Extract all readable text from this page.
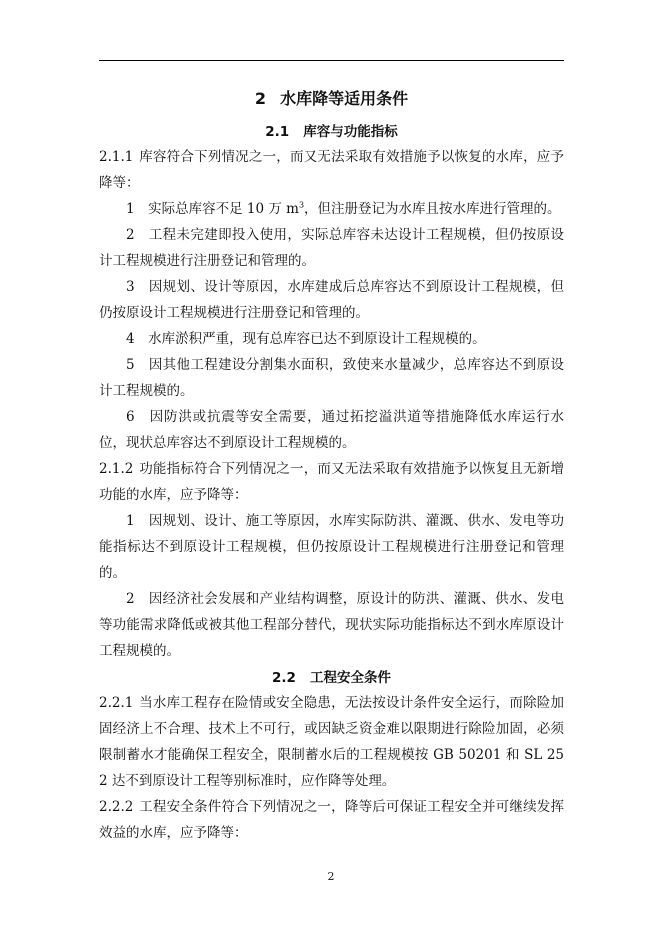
2 水库降等适用条件
2.1 库容与功能指标

2.1.1 库容符合下列情况之一，而又无法采取有效措施予以恢复的水库，应予降等：

1　 实际总库容不足 10 万 $m^3$，但注册登记为水库且按水库进行管理的。

2　 工程未完建即投入使用，实际总库容未达设计工程规模，但仍按原设计工程规模进行注册登记和管理的。

3　 因规划、设计等原因，水库建成后总库容达不到原设计工程规模，但仍按原设计工程规模进行注册登记和管理的。

4　 水库淤积严重，现有总库容已达不到原设计工程规模的。

5　 因其他工程建设分割集水面积，致使来水量减少，总库容达不到原设计工程规模的。

6　 因防洪或抗震等安全需要，通过拓挖溢洪道等措施降低水库运行水位，现状总库容达不到原设计工程规模的。

2.1.2 功能指标符合下列情况之一，而又无法采取有效措施予以恢复且无新增功能的水库，应予降等：

1　 因规划、设计、施工等原因，水库实际防洪、灌溉、供水、发电等功能指标达不到原设计工程规模，但仍按原设计工程规模进行注册登记和管理的。

2　 因经济社会发展和产业结构调整，原设计的防洪、灌溉、供水、发电等功能需求降低或被其他工程部分替代，现状实际功能指标达不到水库原设计工程规模的。

2.2 工程安全条件

2.2.1 当水库工程存在险情或安全隐患，无法按设计条件安全运行，而除险加固经济上不合理、技术上不可行，或因缺乏资金难以限期进行除险加固，必须限制蓄水才能确保工程安全，限制蓄水后的工程规模按 GB 50201 和 SL 252 达不到原设计工程等别标准时，应作降等处理。

2.2.2 工程安全条件符合下列情况之一，降等后可保证工程安全并可继续发挥效益的水库，应予降等：

2
